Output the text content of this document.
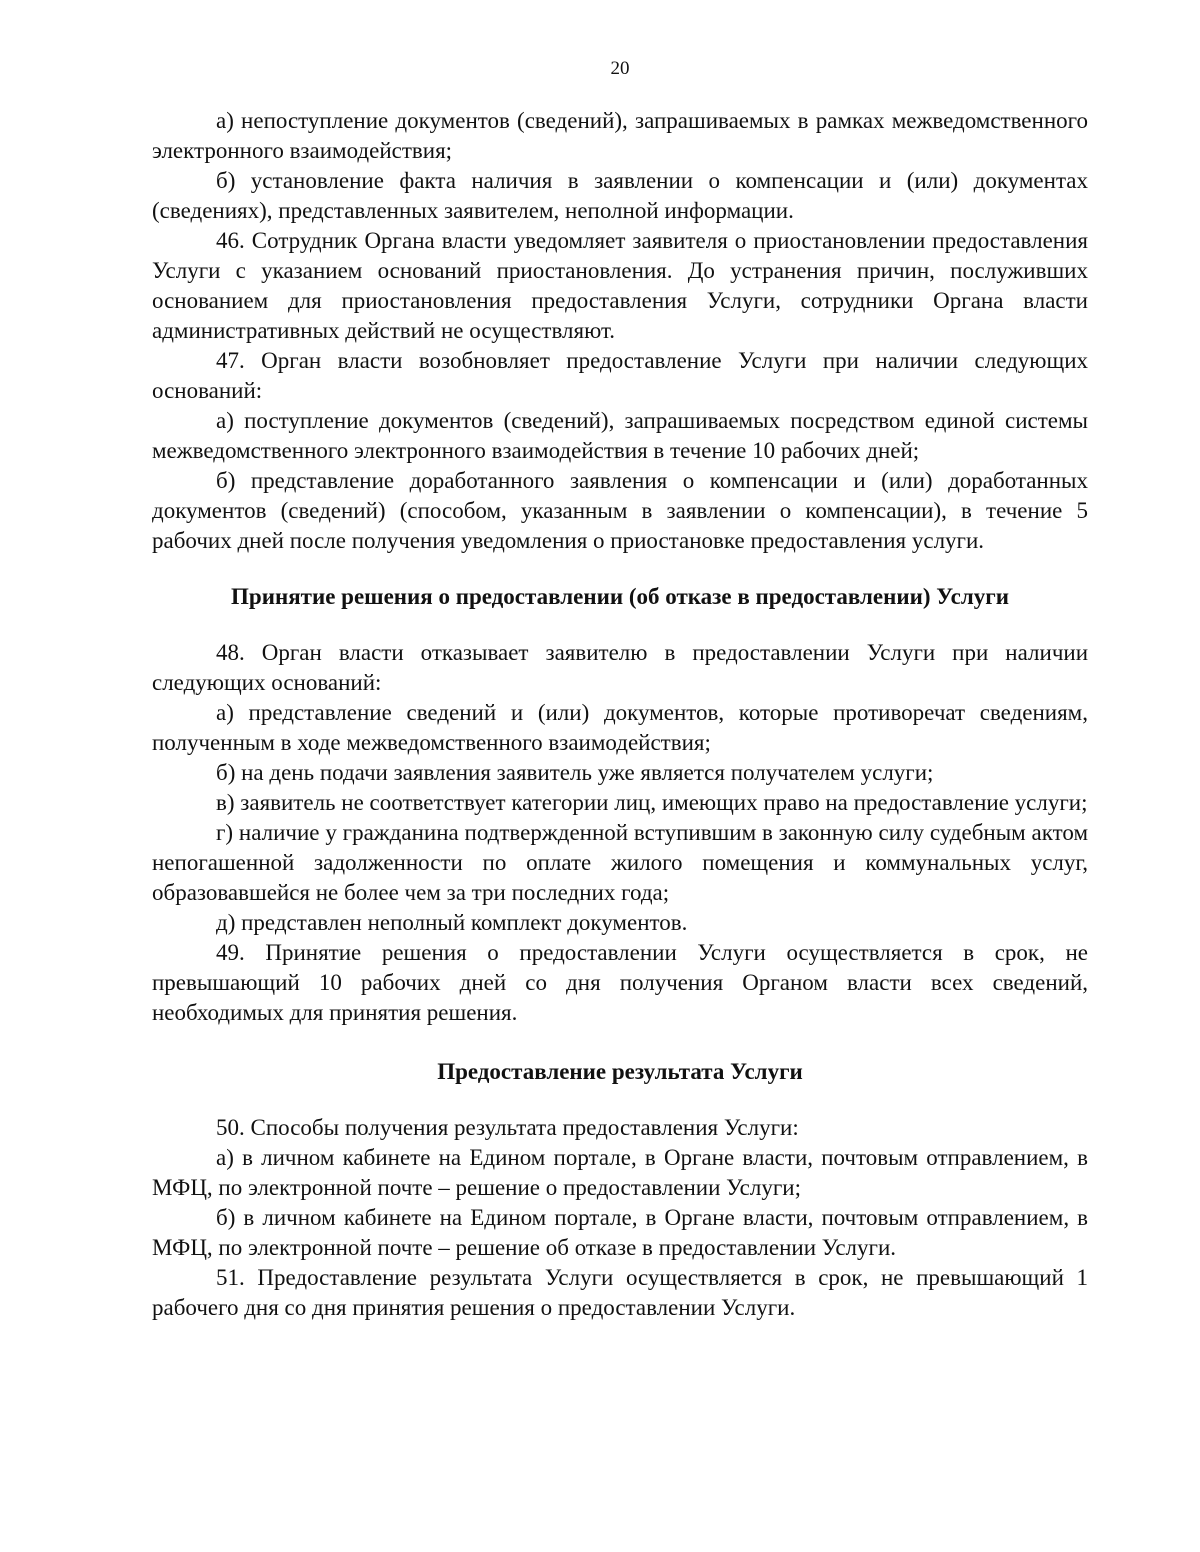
20

а) непоступление документов (сведений), запрашиваемых в рамках межведомственного электронного взаимодействия;

б) установление факта наличия в заявлении о компенсации и (или) документах (сведениях), представленных заявителем, неполной информации.

46. Сотрудник Органа власти уведомляет заявителя о приостановлении предоставления Услуги с указанием оснований приостановления. До устранения причин, послуживших основанием для приостановления предоставления Услуги, сотрудники Органа власти административных действий не осуществляют.

47. Орган власти возобновляет предоставление Услуги при наличии следующих оснований:

а) поступление документов (сведений), запрашиваемых посредством единой системы межведомственного электронного взаимодействия в течение 10 рабочих дней;

б) представление доработанного заявления о компенсации и (или) доработанных документов (сведений) (способом, указанным в заявлении о компенсации), в течение 5 рабочих дней после получения уведомления о приостановке предоставления услуги.

Принятие решения о предоставлении (об отказе в предоставлении) Услуги

48. Орган власти отказывает заявителю в предоставлении Услуги при наличии следующих оснований:

а) представление сведений и (или) документов, которые противоречат сведениям, полученным в ходе межведомственного взаимодействия;

б) на день подачи заявления заявитель уже является получателем услуги;

в) заявитель не соответствует категории лиц, имеющих право на предоставление услуги;

г) наличие у гражданина подтвержденной вступившим в законную силу судебным актом непогашенной задолженности по оплате жилого помещения и коммунальных услуг, образовавшейся не более чем за три последних года;

д) представлен неполный комплект документов.

49. Принятие решения о предоставлении Услуги осуществляется в срок, не превышающий 10 рабочих дней со дня получения Органом власти всех сведений, необходимых для принятия решения.

Предоставление результата Услуги

50. Способы получения результата предоставления Услуги:

а) в личном кабинете на Едином портале, в Органе власти, почтовым отправлением, в МФЦ, по электронной почте – решение о предоставлении Услуги;

б) в личном кабинете на Едином портале, в Органе власти, почтовым отправлением, в МФЦ, по электронной почте – решение об отказе в предоставлении Услуги.

51. Предоставление результата Услуги осуществляется в срок, не превышающий 1 рабочего дня со дня принятия решения о предоставлении Услуги.
